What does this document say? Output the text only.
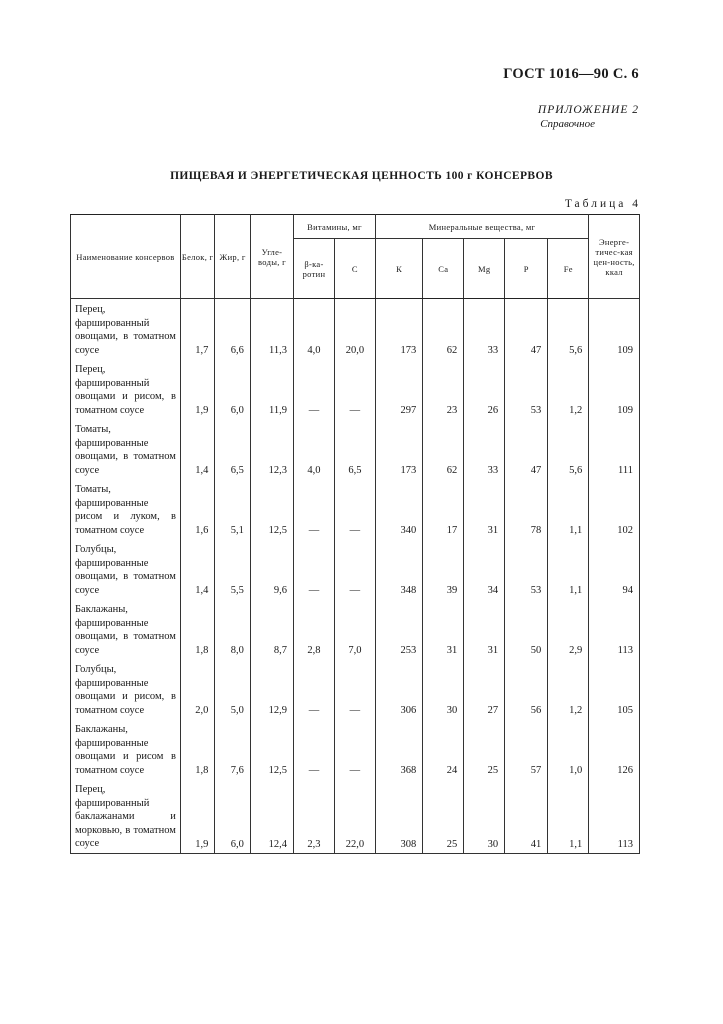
ГОСТ 1016—90 С. 6
ПРИЛОЖЕНИЕ 2
Справочное
ПИЩЕВАЯ И ЭНЕРГЕТИЧЕСКАЯ ЦЕННОСТЬ 100 г КОНСЕРВОВ
Таблица 4
Наименование консервов	Белок, г	Жир, г	Угле-воды, г	Витамины, мг		Минеральные вещества, мг					Энерге-тичес-кая цен-ность, ккал
				β-ка-ротин	С	К	Са	Mg	Р	Fe	
Перец, фаршированный овощами, в томатном соусе	1,7	6,6	11,3	4,0	20,0	173	62	33	47	5,6	109
Перец, фаршированный овощами и рисом, в томатном соусе	1,9	6,0	11,9	—	—	297	23	26	53	1,2	109
Томаты, фаршированные овощами, в томатном соусе	1,4	6,5	12,3	4,0	6,5	173	62	33	47	5,6	111
Томаты, фаршированные рисом и луком, в томатном соусе	1,6	5,1	12,5	—	—	340	17	31	78	1,1	102
Голубцы, фаршированные овощами, в томатном соусе	1,4	5,5	9,6	—	—	348	39	34	53	1,1	94
Баклажаны, фаршированные овощами, в томатном соусе	1,8	8,0	8,7	2,8	7,0	253	31	31	50	2,9	113
Голубцы, фаршированные овощами и рисом, в томатном соусе	2,0	5,0	12,9	—	—	306	30	27	56	1,2	105
Баклажаны, фаршированные овощами и рисом в томатном соусе	1,8	7,6	12,5	—	—	368	24	25	57	1,0	126
Перец, фаршированный баклажанами и морковью, в томатном соусе	1,9	6,0	12,4	2,3	22,0	308	25	30	41	1,1	113
